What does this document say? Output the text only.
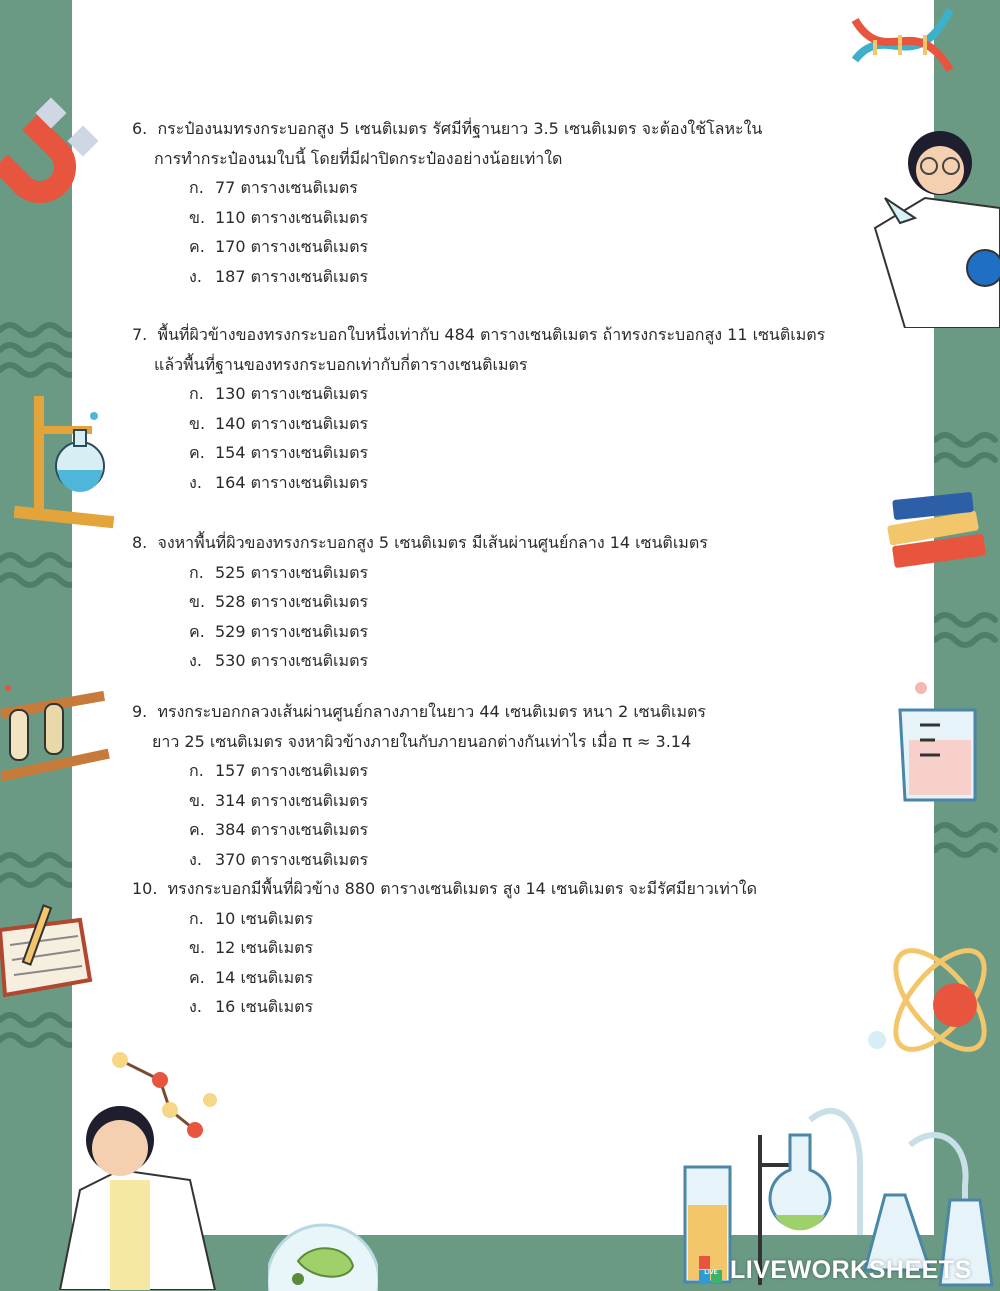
6. กระป๋องนมทรงกระบอกสูง 5 เซนติเมตร รัศมีที่ฐานยาว 3.5 เซนติเมตร จะต้องใช้โลหะใน
การทำกระป๋องนมใบนี้ โดยที่มีฝาปิดกระป๋องอย่างน้อยเท่าใด
ก. 77 ตารางเซนติเมตร
ข. 110 ตารางเซนติเมตร
ค. 170 ตารางเซนติเมตร
ง. 187 ตารางเซนติเมตร
7. พื้นที่ผิวข้างของทรงกระบอกใบหนึ่งเท่ากับ 484 ตารางเซนติเมตร ถ้าทรงกระบอกสูง 11 เซนติเมตร
แล้วพื้นที่ฐานของทรงกระบอกเท่ากับกี่ตารางเซนติเมตร
ก. 130 ตารางเซนติเมตร
ข. 140 ตารางเซนติเมตร
ค. 154 ตารางเซนติเมตร
ง. 164 ตารางเซนติเมตร
8. จงหาพื้นที่ผิวของทรงกระบอกสูง 5 เซนติเมตร มีเส้นผ่านศูนย์กลาง 14 เซนติเมตร
ก. 525 ตารางเซนติเมตร
ข. 528 ตารางเซนติเมตร
ค. 529 ตารางเซนติเมตร
ง. 530 ตารางเซนติเมตร
9. ทรงกระบอกกลวงเส้นผ่านศูนย์กลางภายในยาว 44 เซนติเมตร หนา 2 เซนติเมตร
ยาว 25 เซนติเมตร จงหาผิวข้างภายในกับภายนอกต่างกันเท่าไร เมื่อ π ≈ 3.14
ก. 157 ตารางเซนติเมตร
ข. 314 ตารางเซนติเมตร
ค. 384 ตารางเซนติเมตร
ง. 370 ตารางเซนติเมตร
10. ทรงกระบอกมีพื้นที่ผิวข้าง 880 ตารางเซนติเมตร สูง 14 เซนติเมตร จะมีรัศมียาวเท่าใด
ก. 10 เซนติเมตร
ข. 12 เซนติเมตร
ค. 14 เซนติเมตร
ง. 16 เซนติเมตร
LIVE LIVEWORKSHEETS
